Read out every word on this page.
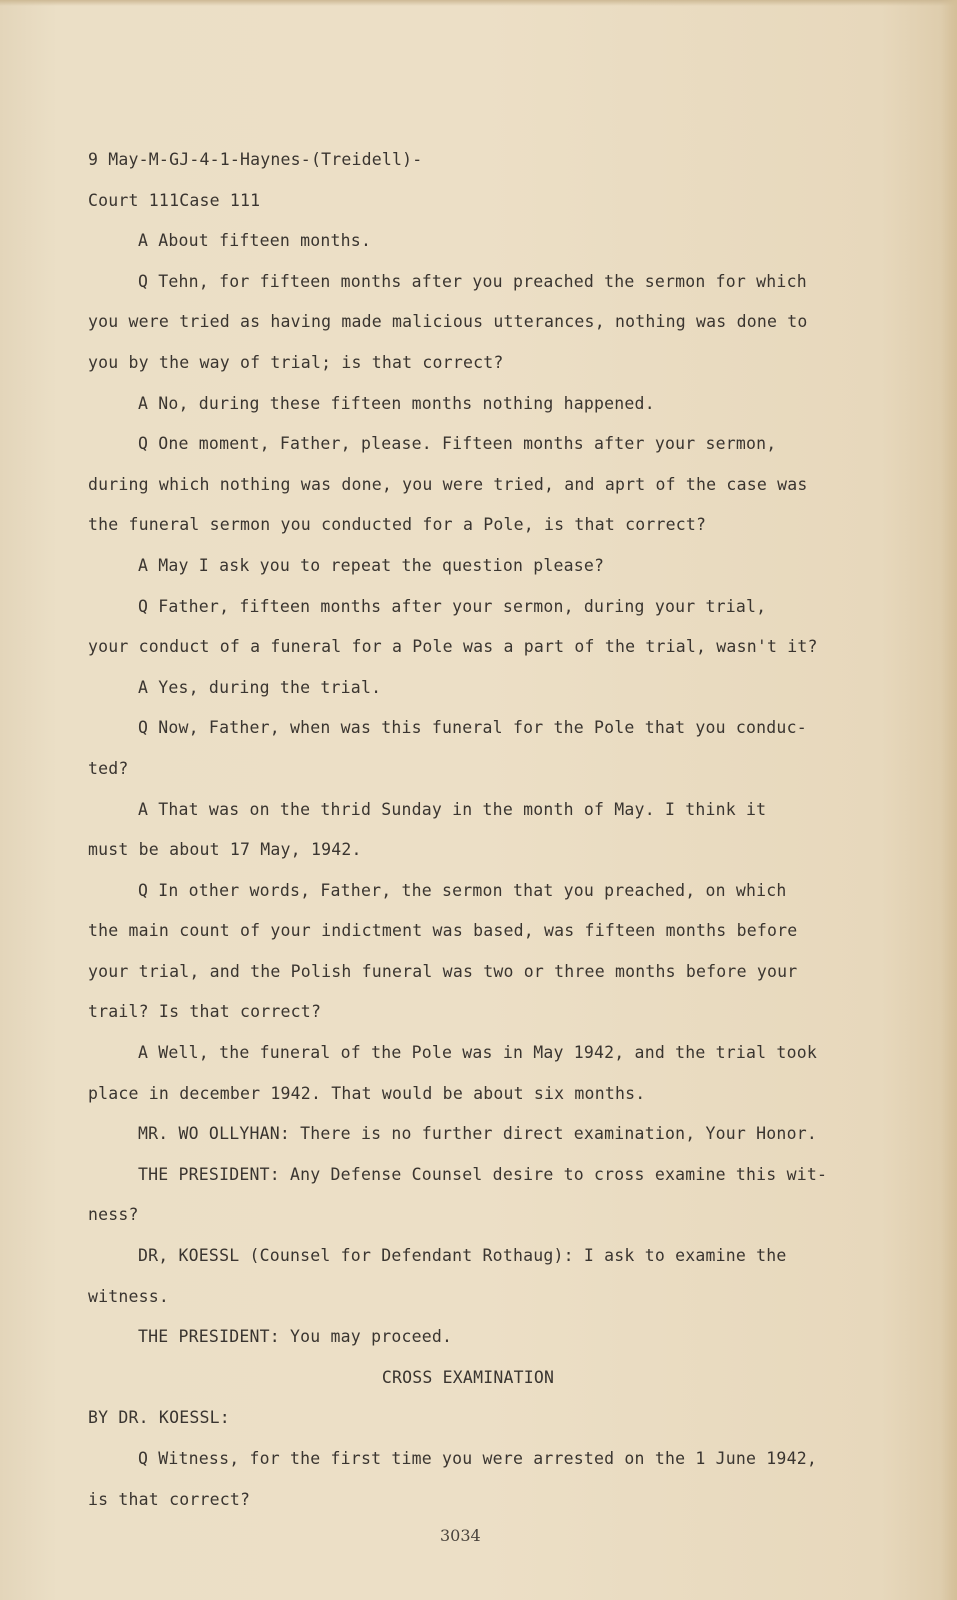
9 May-M-GJ-4-1-Haynes-(Treidell)-
Court 111Case 111
A About fifteen months.
Q Tehn, for fifteen months after you preached the sermon for which
you were tried as having made malicious utterances, nothing was done to
you by the way of trial; is that correct?
A No, during these fifteen months nothing happened.
Q One moment, Father, please. Fifteen months after your sermon,
during which nothing was done, you were tried, and aprt of the case was
the funeral sermon you conducted for a Pole, is that correct?
A May I ask you to repeat the question please?
Q Father, fifteen months after your sermon, during your trial,
your conduct of a funeral for a Pole was a part of the trial, wasn't it?
A Yes, during the trial.
Q Now, Father, when was this funeral for the Pole that you conduc-
ted?
A That was on the thrid Sunday in the month of May. I think it
must be about 17 May, 1942.
Q In other words, Father, the sermon that you preached, on which
the main count of your indictment was based, was fifteen months before
your trial, and the Polish funeral was two or three months before your
trail? Is that correct?
A Well, the funeral of the Pole was in May 1942, and the trial took
place in december 1942. That would be about six months.
MR. WO OLLYHAN: There is no further direct examination, Your Honor.
THE PRESIDENT: Any Defense Counsel desire to cross examine this wit-
ness?
DR, KOESSL (Counsel for Defendant Rothaug): I ask to examine the
witness.
THE PRESIDENT: You may proceed.
CROSS EXAMINATION
BY DR. KOESSL:
Q Witness, for the first time you were arrested on the 1 June 1942,
is that correct?
3034
